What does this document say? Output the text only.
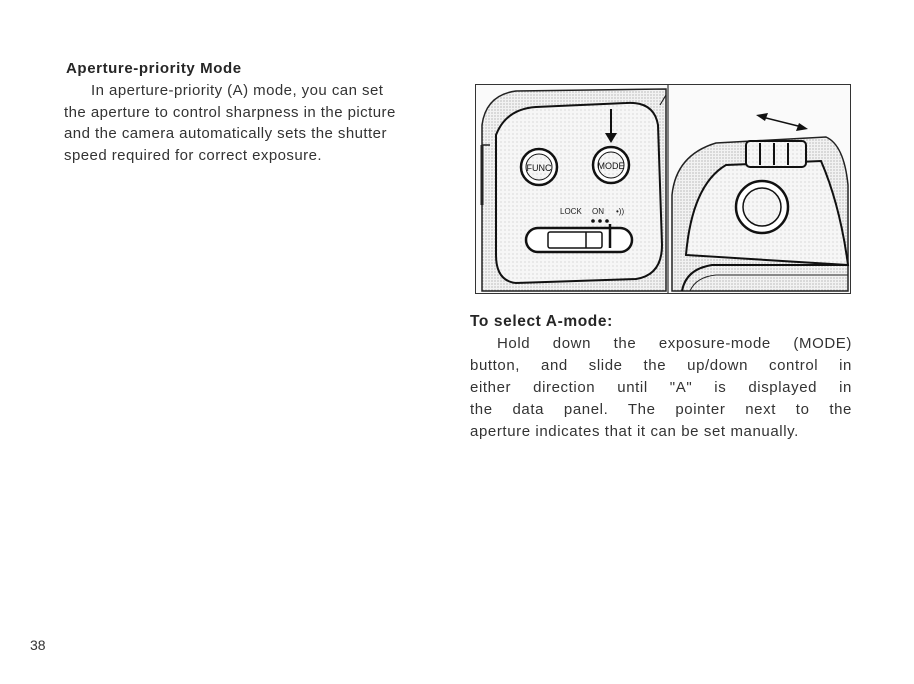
Aperture-priority Mode
In aperture-priority (A) mode, you can set
the aperture to control sharpness in the picture
and the camera automatically sets the shutter
speed required for correct exposure.
FUNC	MODE
LOCK ON •))
To select A-mode:
Hold down the exposure-mode (MODE)
button, and slide the up/down control in
either direction until "A" is displayed in
the data panel. The pointer next to the
aperture indicates that it can be set manually.
38
